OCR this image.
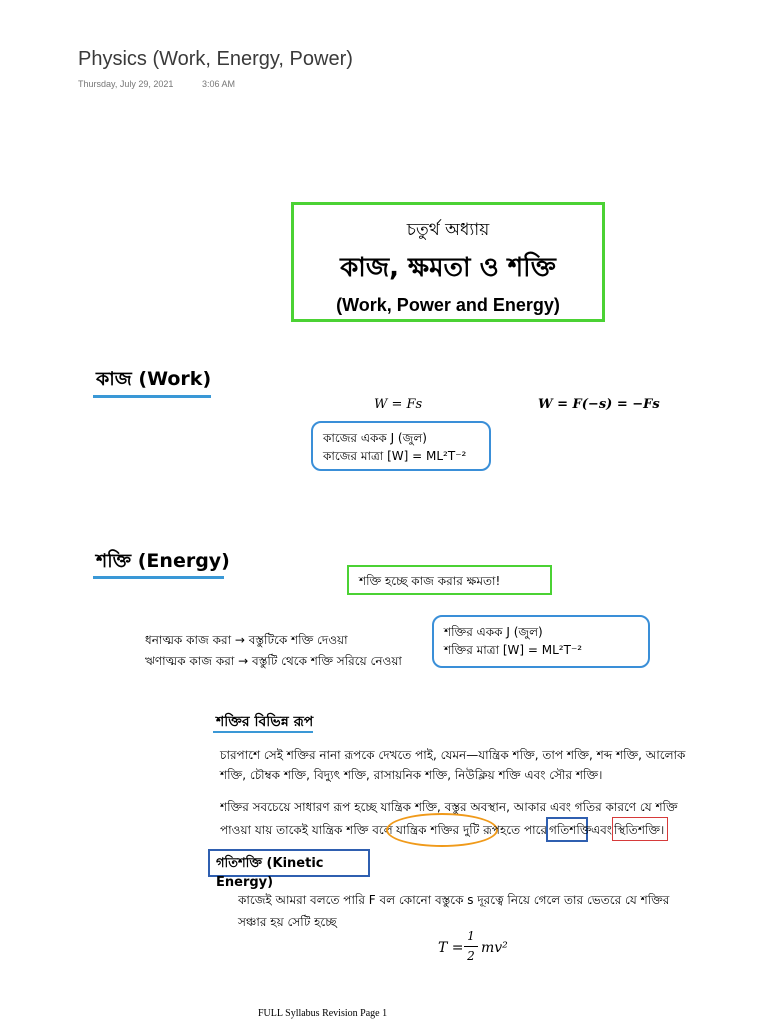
Physics (Work, Energy, Power)
Thursday, July 29, 2021	3:06 AM
চতুর্থ অধ্যায়
কাজ, ক্ষমতা ও শক্তি
(Work, Power and Energy)
কাজ (Work)
W = Fs	W = F(−s) = −Fs
কাজের একক J (জুল)
কাজের মাত্রা [W] = ML²T⁻²
শক্তি (Energy)
শক্তি হচ্ছে কাজ করার ক্ষমতা!
ধনাত্মক কাজ করা → বস্তুটিকে শক্তি দেওয়া
ঋণাত্মক কাজ করা → বস্তুটি থেকে শক্তি সরিয়ে নেওয়া
শক্তির একক J (জুল)
শক্তির মাত্রা [W] = ML²T⁻²
শক্তির বিভিন্ন রূপ
চারপাশে সেই শক্তির নানা রূপকে দেখতে পাই, যেমন—যান্ত্রিক শক্তি, তাপ শক্তি, শব্দ শক্তি, আলোক শক্তি, চৌম্বক শক্তি, বিদ্যুৎ শক্তি, রাসায়নিক শক্তি, নিউক্লিয় শক্তি এবং সৌর শক্তি।
শক্তির সবচেয়ে সাধারণ রূপ হচ্ছে যান্ত্রিক শক্তি, বস্তুর অবস্থান, আকার এবং গতির কারণে যে শক্তি
পাওয়া যায় তাকেই যান্ত্রিক শক্তি বলে যান্ত্রিক শক্তির দুটি রূপ হতে পারে গতিশক্তি এবং স্থিতিশক্তি।
গতিশক্তি (Kinetic Energy)
কাজেই আমরা বলতে পারি F বল কোনো বস্তুকে s দূরত্বে নিয়ে গেলে তার ভেতরে যে শক্তির
সঞ্চার হয় সেটি হচ্ছে
T =
1
2 mv²
FULL Syllabus Revision Page 1
